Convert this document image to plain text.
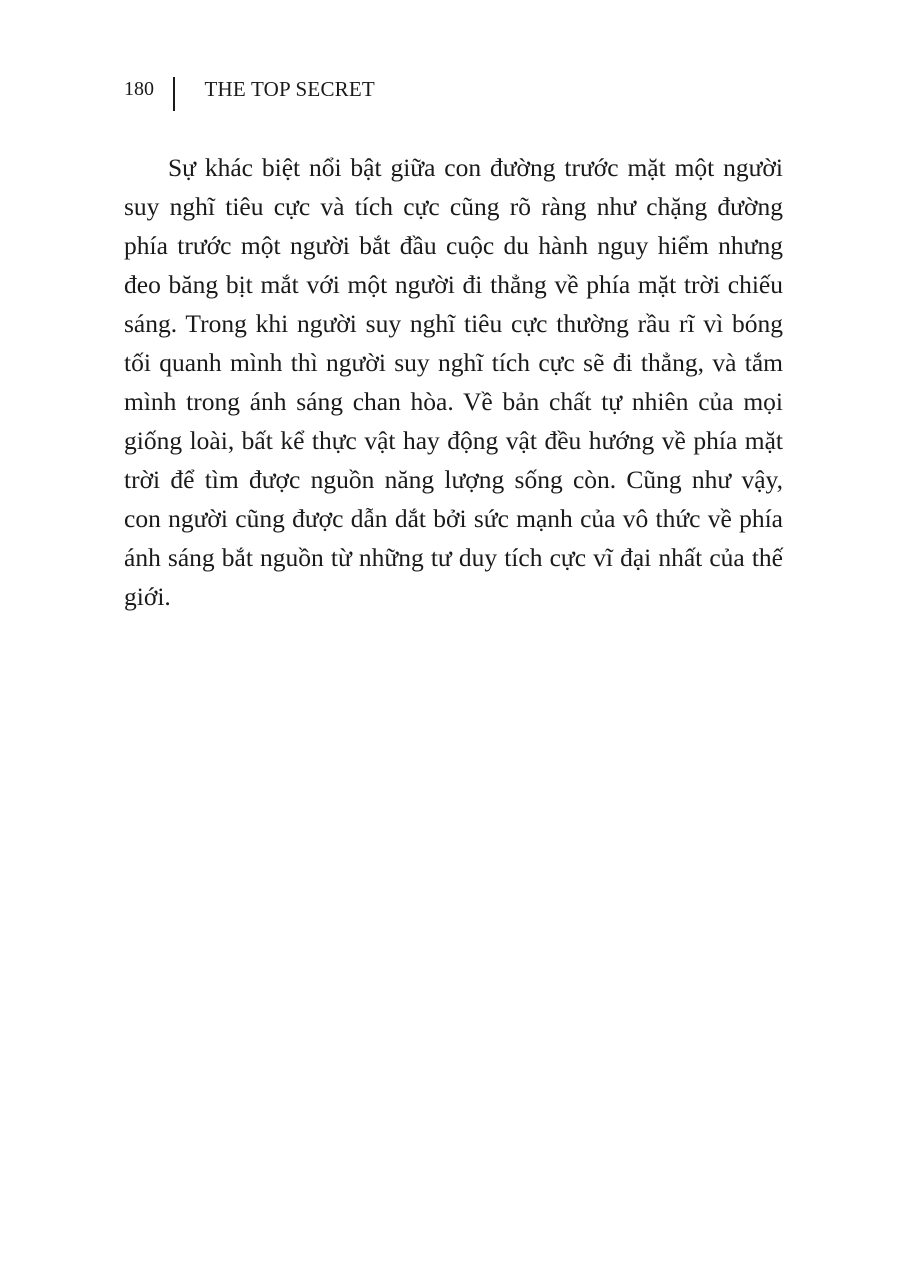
180 THE TOP SECRET

Sự khác biệt nổi bật giữa con đường trước mặt một người suy nghĩ tiêu cực và tích cực cũng rõ ràng như chặng đường phía trước một người bắt đầu cuộc du hành nguy hiểm nhưng đeo băng bịt mắt với một người đi thẳng về phía mặt trời chiếu sáng. Trong khi người suy nghĩ tiêu cực thường rầu rĩ vì bóng tối quanh mình thì người suy nghĩ tích cực sẽ đi thẳng, và tắm mình trong ánh sáng chan hòa. Về bản chất tự nhiên của mọi giống loài, bất kể thực vật hay động vật đều hướng về phía mặt trời để tìm được nguồn năng lượng sống còn. Cũng như vậy, con người cũng được dẫn dắt bởi sức mạnh của vô thức về phía ánh sáng bắt nguồn từ những tư duy tích cực vĩ đại nhất của thế giới.
